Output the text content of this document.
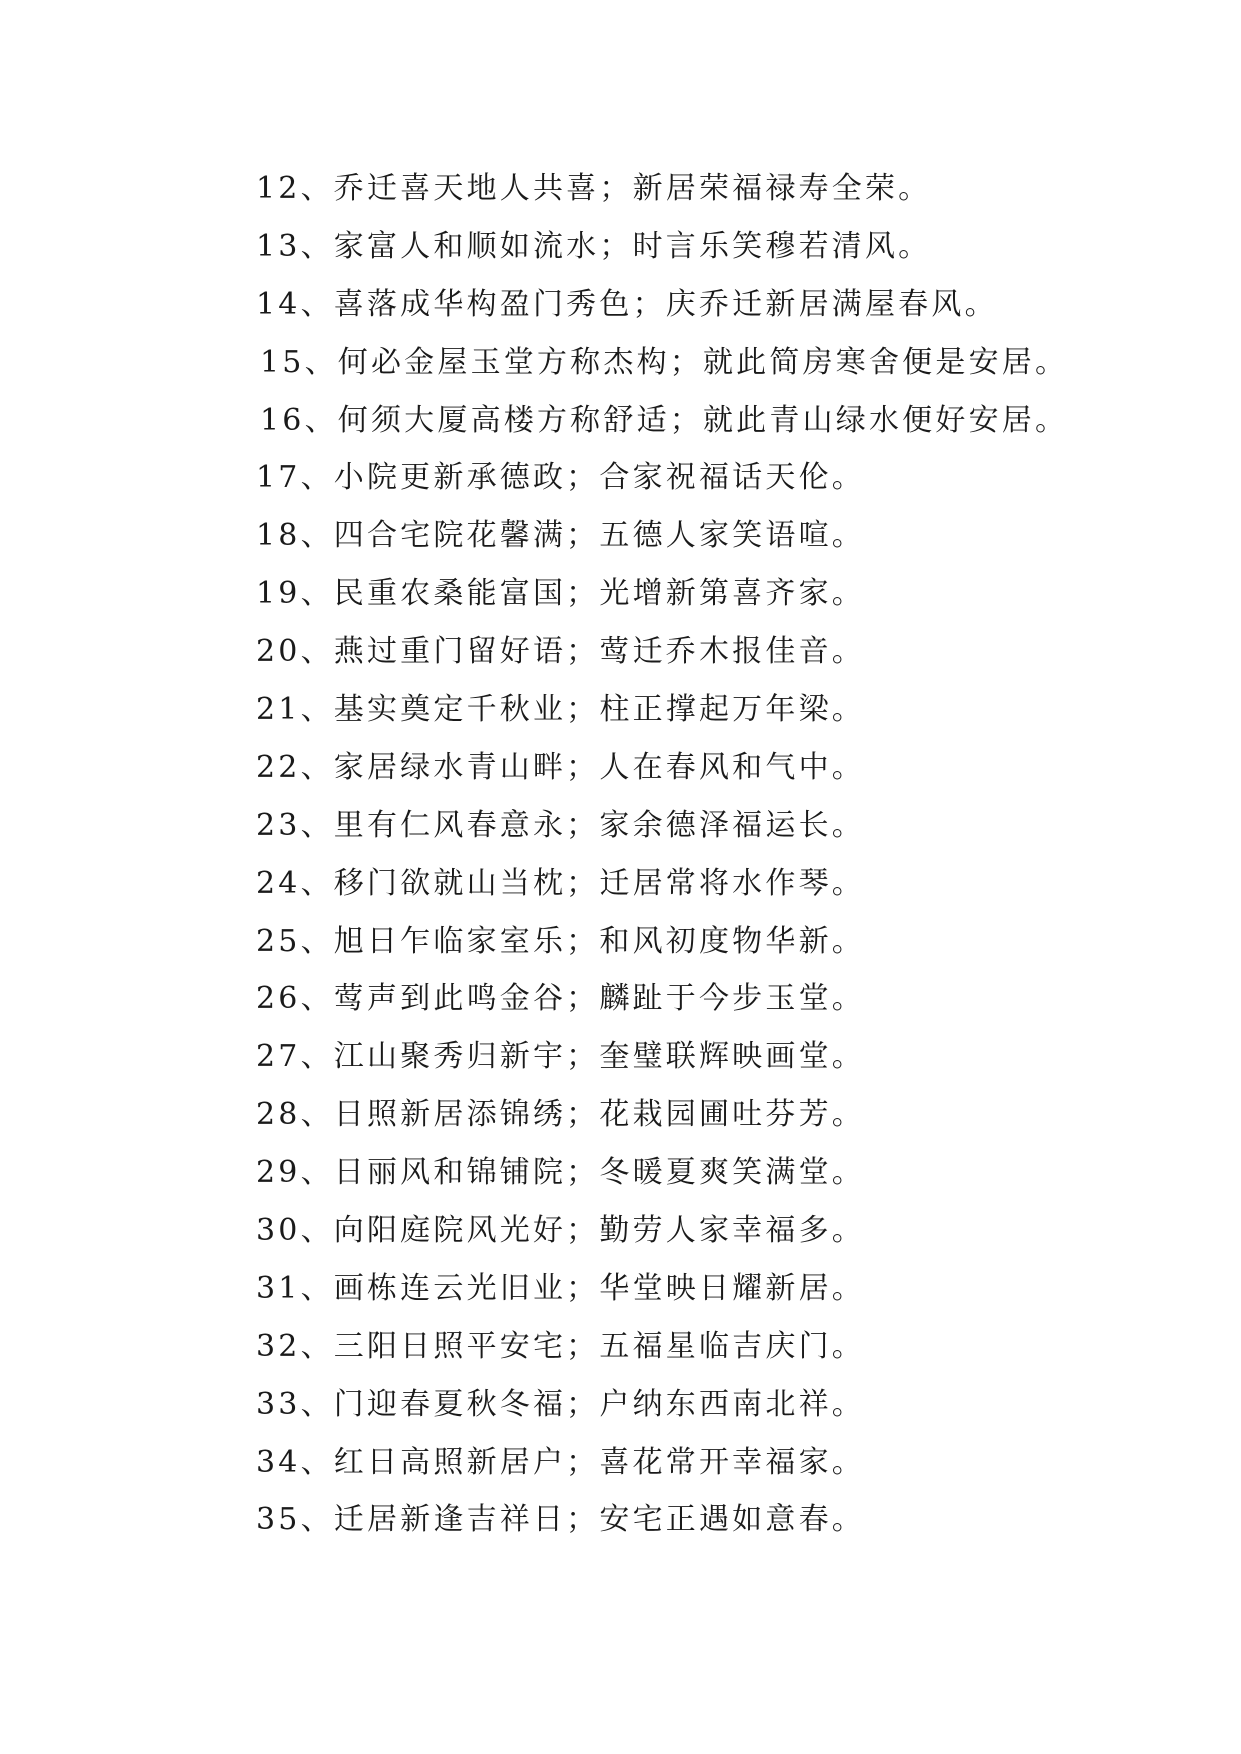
12、乔迁喜天地人共喜；新居荣福禄寿全荣。
13、家富人和顺如流水；时言乐笑穆若清风。
14、喜落成华构盈门秀色；庆乔迁新居满屋春风。
15、何必金屋玉堂方称杰构；就此简房寒舍便是安居。
16、何须大厦高楼方称舒适；就此青山绿水便好安居。
17、小院更新承德政；合家祝福话天伦。
18、四合宅院花馨满；五德人家笑语喧。
19、民重农桑能富国；光增新第喜齐家。
20、燕过重门留好语；莺迁乔木报佳音。
21、基实奠定千秋业；柱正撑起万年梁。
22、家居绿水青山畔；人在春风和气中。
23、里有仁风春意永；家余德泽福运长。
24、移门欲就山当枕；迁居常将水作琴。
25、旭日乍临家室乐；和风初度物华新。
26、莺声到此鸣金谷；麟趾于今步玉堂。
27、江山聚秀归新宇；奎璧联辉映画堂。
28、日照新居添锦绣；花栽园圃吐芬芳。
29、日丽风和锦铺院；冬暖夏爽笑满堂。
30、向阳庭院风光好；勤劳人家幸福多。
31、画栋连云光旧业；华堂映日耀新居。
32、三阳日照平安宅；五福星临吉庆门。
33、门迎春夏秋冬福；户纳东西南北祥。
34、红日高照新居户；喜花常开幸福家。
35、迁居新逢吉祥日；安宅正遇如意春。
